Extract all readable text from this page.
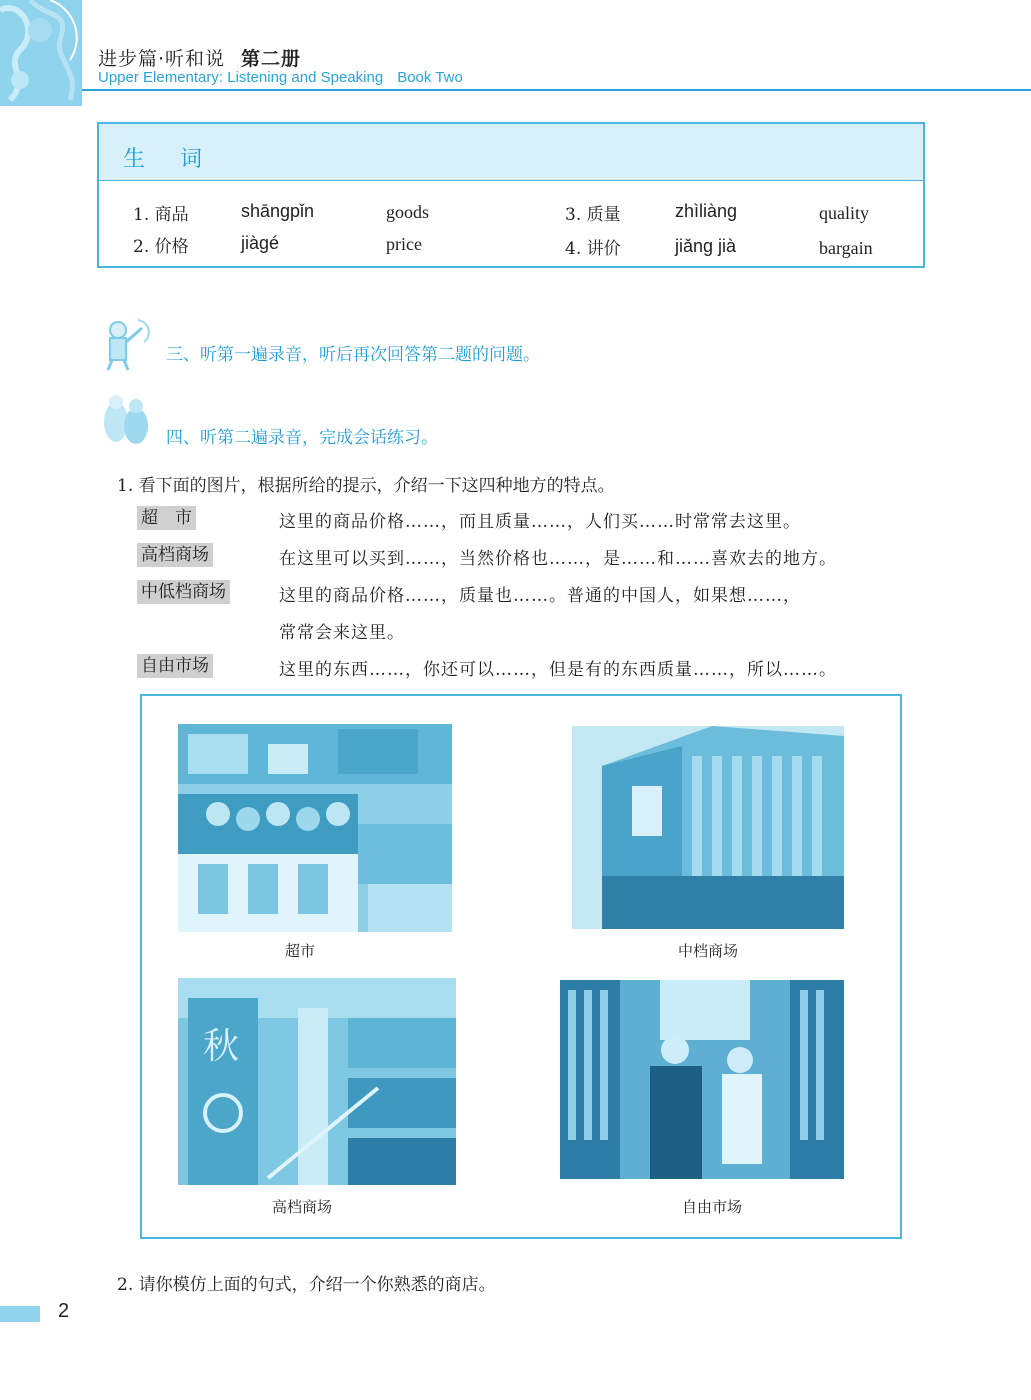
进步篇·听和说 第二册
Upper Elementary: Listening and Speaking Book Two
生 词
1. 商品	shāngpǐn	goods
2. 价格	jiàgé	price
3. 质量	zhìliàng	quality
4. 讲价	jiǎng jià	bargain
三、听第一遍录音，听后再次回答第二题的问题。
四、听第二遍录音，完成会话练习。
1. 看下面的图片，根据所给的提示，介绍一下这四种地方的特点。
超　市	这里的商品价格……，而且质量……，人们买……时常常去这里。
高档商场	在这里可以买到……，当然价格也……，是……和……喜欢去的地方。
中低档商场	这里的商品价格……，质量也……。普通的中国人，如果想……，
常常会来这里。
自由市场	这里的东西……，你还可以……，但是有的东西质量……，所以……。
超市	中档商场
秋
高档商场	自由市场
2. 请你模仿上面的句式，介绍一个你熟悉的商店。
2
